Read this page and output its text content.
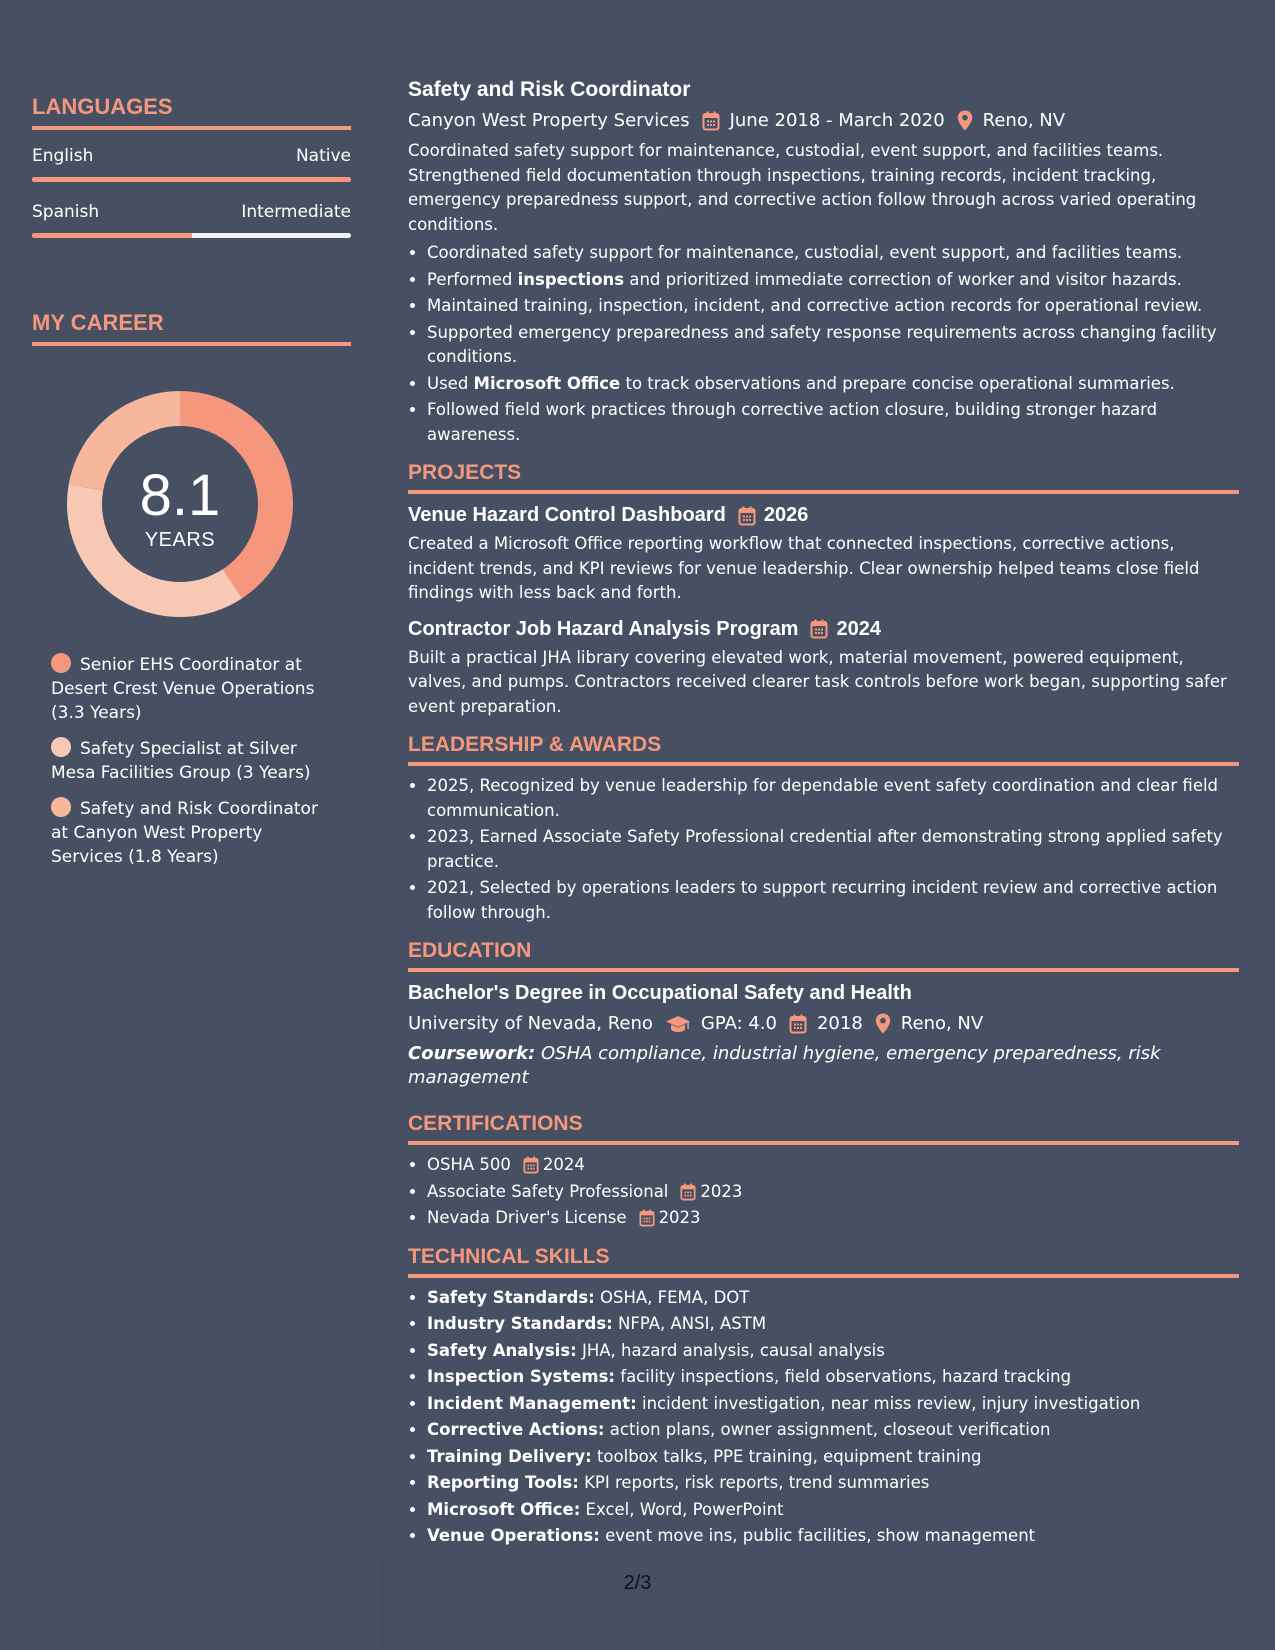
LANGUAGES
English	Native
Spanish	Intermediate
MY CAREER
8.1
YEARS
Senior EHS Coordinator at Desert Crest Venue Operations (3.3 Years)
Safety Specialist at Silver Mesa Facilities Group (3 Years)
Safety and Risk Coordinator at Canyon West Property Services (1.8 Years)
Safety and Risk Coordinator
Canyon West Property Services June 2018 - March 2020 Reno, NV
Coordinated safety support for maintenance, custodial, event support, and facilities teams. Strengthened field documentation through inspections, training records, incident tracking, emergency preparedness support, and corrective action follow through across varied operating conditions.
• Coordinated safety support for maintenance, custodial, event support, and facilities teams.
• Performed inspections and prioritized immediate correction of worker and visitor hazards.
• Maintained training, inspection, incident, and corrective action records for operational review.
• Supported emergency preparedness and safety response requirements across changing facility conditions.
• Used Microsoft Office to track observations and prepare concise operational summaries.
• Followed field work practices through corrective action closure, building stronger hazard awareness.
PROJECTS
Venue Hazard Control Dashboard 2026
Created a Microsoft Office reporting workflow that connected inspections, corrective actions, incident trends, and KPI reviews for venue leadership. Clear ownership helped teams close field findings with less back and forth.
Contractor Job Hazard Analysis Program 2024
Built a practical JHA library covering elevated work, material movement, powered equipment, valves, and pumps. Contractors received clearer task controls before work began, supporting safer event preparation.
LEADERSHIP & AWARDS
• 2025, Recognized by venue leadership for dependable event safety coordination and clear field communication.
• 2023, Earned Associate Safety Professional credential after demonstrating strong applied safety practice.
• 2021, Selected by operations leaders to support recurring incident review and corrective action follow through.
EDUCATION
Bachelor's Degree in Occupational Safety and Health
University of Nevada, Reno	GPA: 4.0 2018 Reno, NV
Coursework: OSHA compliance, industrial hygiene, emergency preparedness, risk management
CERTIFICATIONS
• OSHA 500 2024
• Associate Safety Professional 2023
• Nevada Driver's License 2023
TECHNICAL SKILLS
• Safety Standards: OSHA, FEMA, DOT
• Industry Standards: NFPA, ANSI, ASTM
• Safety Analysis: JHA, hazard analysis, causal analysis
• Inspection Systems: facility inspections, field observations, hazard tracking
• Incident Management: incident investigation, near miss review, injury investigation
• Corrective Actions: action plans, owner assignment, closeout verification
• Training Delivery: toolbox talks, PPE training, equipment training
• Reporting Tools: KPI reports, risk reports, trend summaries
• Microsoft Office: Excel, Word, PowerPoint
• Venue Operations: event move ins, public facilities, show management
2/3
